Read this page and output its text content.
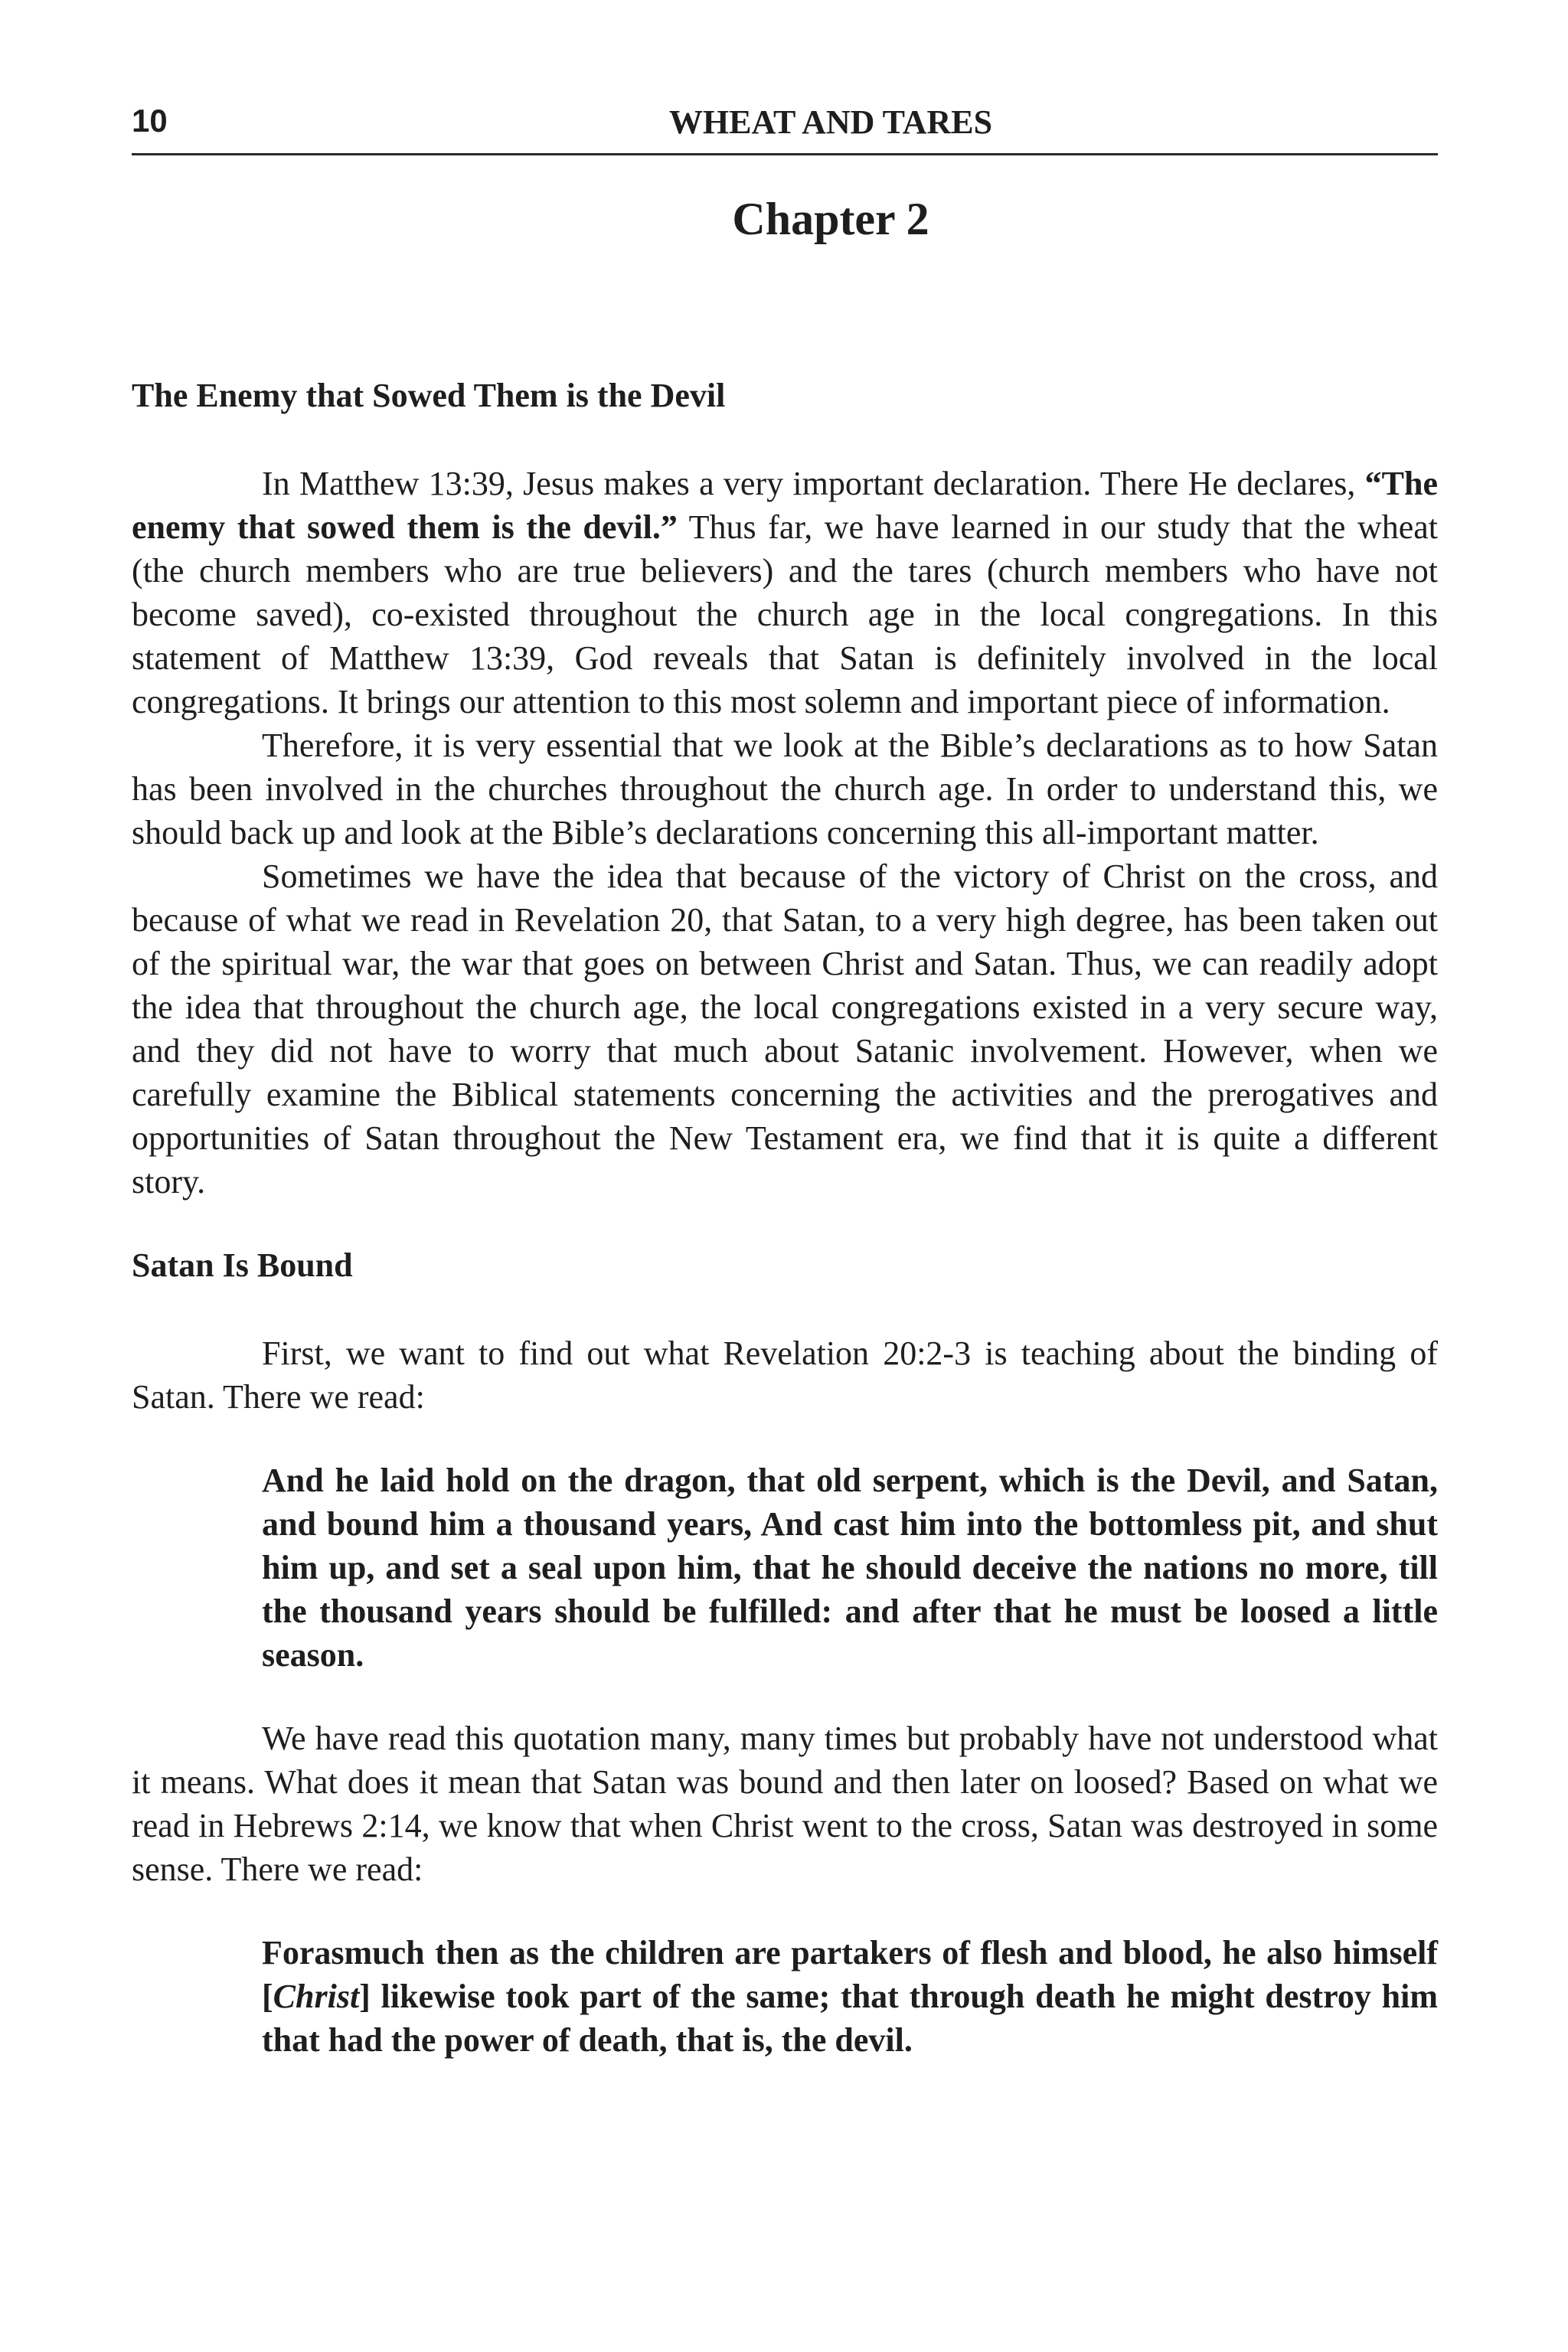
10	WHEAT AND TARES
Chapter 2
The Enemy that Sowed Them is the Devil

In Matthew 13:39, Jesus makes a very important declaration. There He declares, “The enemy that sowed them is the devil.” Thus far, we have learned in our study that the wheat (the church members who are true believers) and the tares (church members who have not become saved), co-existed throughout the church age in the local congregations. In this statement of Matthew 13:39, God reveals that Satan is definitely involved in the local congregations. It brings our attention to this most solemn and important piece of information.

Therefore, it is very essential that we look at the Bible’s declarations as to how Satan has been involved in the churches throughout the church age. In order to understand this, we should back up and look at the Bible’s declarations concerning this all-important matter.

Sometimes we have the idea that because of the victory of Christ on the cross, and because of what we read in Revelation 20, that Satan, to a very high degree, has been taken out of the spiritual war, the war that goes on between Christ and Satan. Thus, we can readily adopt the idea that throughout the church age, the local congregations existed in a very secure way, and they did not have to worry that much about Satanic involvement. However, when we carefully examine the Biblical statements concerning the activities and the prerogatives and opportunities of Satan throughout the New Testament era, we find that it is quite a different story.

Satan Is Bound

First, we want to find out what Revelation 20:2-3 is teaching about the binding of Satan. There we read:

And he laid hold on the dragon, that old serpent, which is the Devil, and Satan, and bound him a thousand years, And cast him into the bottomless pit, and shut him up, and set a seal upon him, that he should deceive the nations no more, till the thousand years should be fulfilled: and after that he must be loosed a little season.

We have read this quotation many, many times but probably have not understood what it means. What does it mean that Satan was bound and then later on loosed? Based on what we read in Hebrews 2:14, we know that when Christ went to the cross, Satan was destroyed in some sense. There we read:

Forasmuch then as the children are partakers of flesh and blood, he also himself [Christ] likewise took part of the same; that through death he might destroy him that had the power of death, that is, the devil.
